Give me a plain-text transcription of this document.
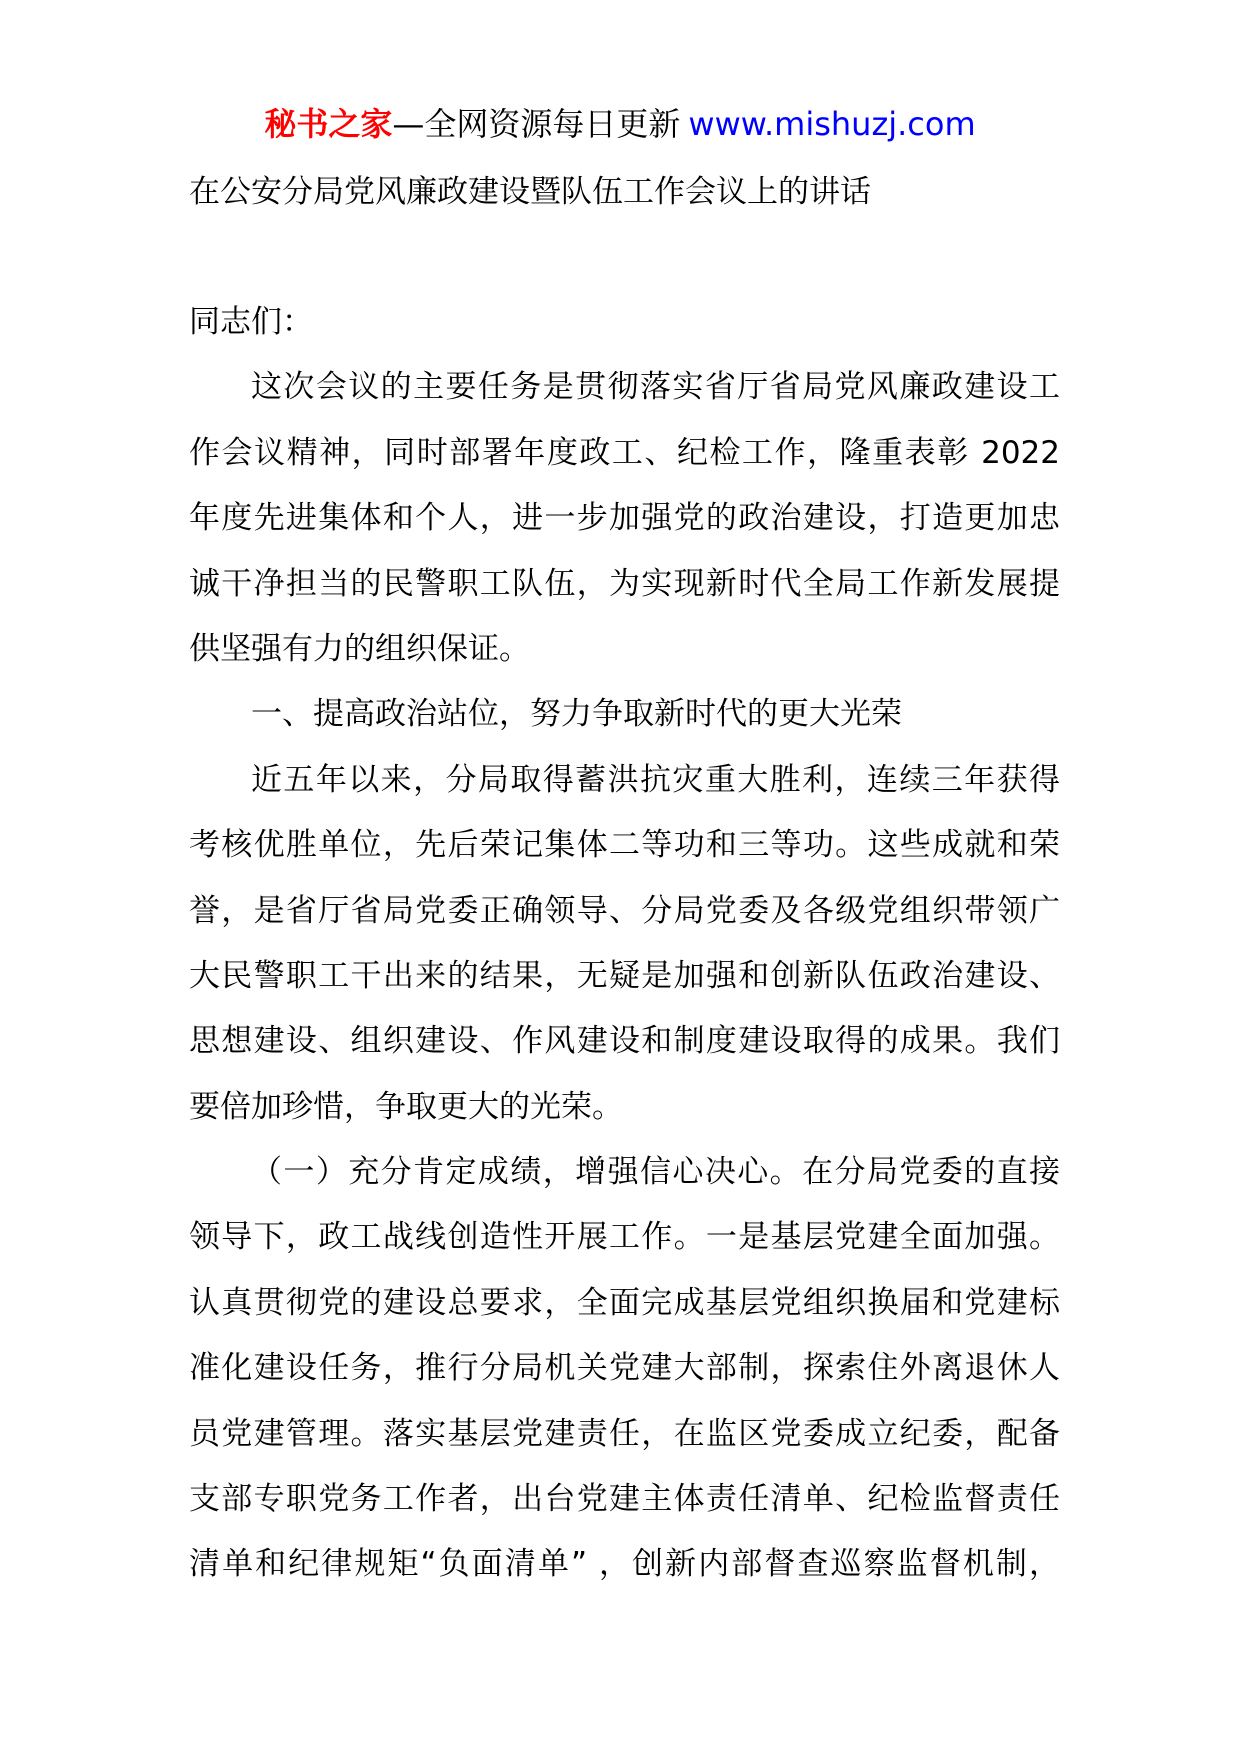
秘书之家—全网资源每日更新 www.mishuzj.com
在公安分局党风廉政建设暨队伍工作会议上的讲话
同志们：
这次会议的主要任务是贯彻落实省厅省局党风廉政建设工
作会议精神，同时部署年度政工、纪检工作，隆重表彰 2022
年度先进集体和个人，进一步加强党的政治建设，打造更加忠
诚干净担当的民警职工队伍，为实现新时代全局工作新发展提
供坚强有力的组织保证。
一、提高政治站位，努力争取新时代的更大光荣
近五年以来，分局取得蓄洪抗灾重大胜利，连续三年获得
考核优胜单位，先后荣记集体二等功和三等功。这些成就和荣
誉，是省厅省局党委正确领导、分局党委及各级党组织带领广
大民警职工干出来的结果，无疑是加强和创新队伍政治建设、
思想建设、组织建设、作风建设和制度建设取得的成果。我们
要倍加珍惜，争取更大的光荣。
（一）充分肯定成绩，增强信心决心。在分局党委的直接
领导下，政工战线创造性开展工作。一是基层党建全面加强。
认真贯彻党的建设总要求，全面完成基层党组织换届和党建标
准化建设任务，推行分局机关党建大部制，探索住外离退休人
员党建管理。落实基层党建责任，在监区党委成立纪委，配备
支部专职党务工作者，出台党建主体责任清单、纪检监督责任
清单和纪律规矩“负面清单” ，创新内部督查巡察监督机制，
